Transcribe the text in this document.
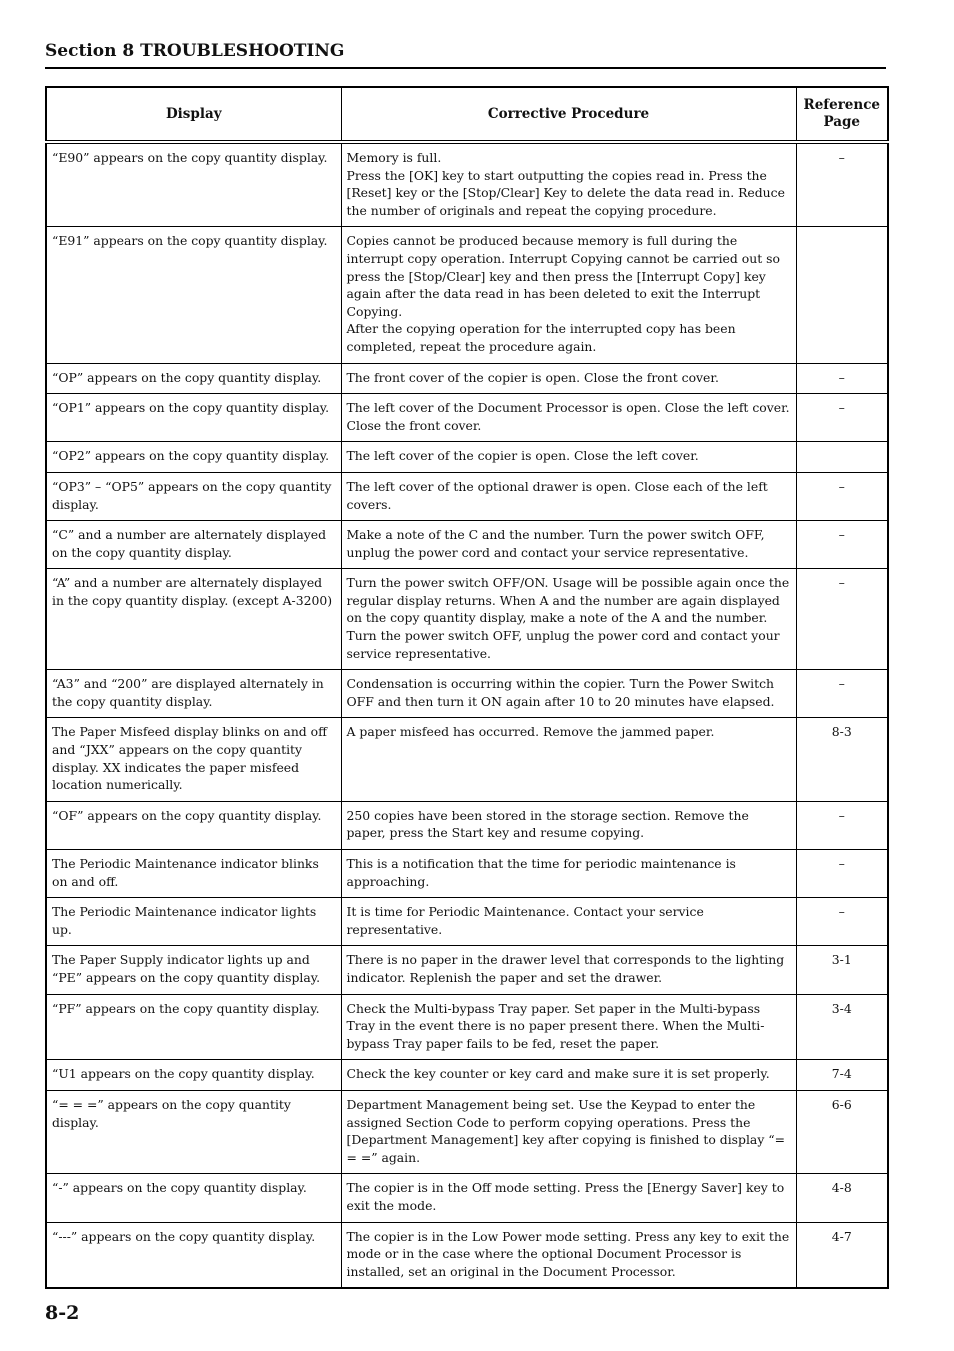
Section 8 TROUBLESHOOTING
Display	Corrective Procedure	Reference Page
“E90” appears on the copy quantity display.	Memory is full.
Press the [OK] key to start outputting the copies read in. Press the [Reset] key or the [Stop/Clear] Key to delete the data read in. Reduce the number of originals and repeat the copying procedure.	–
“E91” appears on the copy quantity display.	Copies cannot be produced because memory is full during the interrupt copy operation. Interrupt Copying cannot be carried out so press the [Stop/Clear] key and then press the [Interrupt Copy] key again after the data read in has been deleted to exit the Interrupt Copying.
After the copying operation for the interrupted copy has been completed, repeat the procedure again.	
“OP” appears on the copy quantity display.	The front cover of the copier is open. Close the front cover.	–
“OP1” appears on the copy quantity display.	The left cover of the Document Processor is open. Close the left cover. Close the front cover.	–
“OP2” appears on the copy quantity display.	The left cover of the copier is open. Close the left cover.	
“OP3” – “OP5” appears on the copy quantity display.	The left cover of the optional drawer is open. Close each of the left covers.	–
“C” and a number are alternately displayed on the copy quantity display.	Make a note of the C and the number. Turn the power switch OFF, unplug the power cord and contact your service representative.	–
“A” and a number are alternately displayed in the copy quantity display. (except A-3200)	Turn the power switch OFF/ON. Usage will be possible again once the regular display returns. When A and the number are again displayed on the copy quantity display, make a note of the A and the number. Turn the power switch OFF, unplug the power cord and contact your service representative.	–
“A3” and “200” are displayed alternately in the copy quantity display.	Condensation is occurring within the copier. Turn the Power Switch OFF and then turn it ON again after 10 to 20 minutes have elapsed.	–
The Paper Misfeed display blinks on and off and “JXX” appears on the copy quantity display. XX indicates the paper misfeed location numerically.	A paper misfeed has occurred. Remove the jammed paper.	8-3
“OF” appears on the copy quantity display.	250 copies have been stored in the storage section. Remove the paper, press the Start key and resume copying.	–
The Periodic Maintenance indicator blinks on and off.	This is a notification that the time for periodic maintenance is approaching.	–
The Periodic Maintenance indicator lights up.	It is time for Periodic Maintenance. Contact your service representative.	–
The Paper Supply indicator lights up and “PE” appears on the copy quantity display.	There is no paper in the drawer level that corresponds to the lighting indicator. Replenish the paper and set the drawer.	3-1
“PF” appears on the copy quantity display.	Check the Multi-bypass Tray paper. Set paper in the Multi-bypass Tray in the event there is no paper present there. When the Multi-bypass Tray paper fails to be fed, reset the paper.	3-4
“U1 appears on the copy quantity display.	Check the key counter or key card and make sure it is set properly.	7-4
“= = =” appears on the copy quantity display.	Department Management being set. Use the Keypad to enter the assigned Section Code to perform copying operations. Press the [Department Management] key after copying is finished to display “= = =” again.	6-6
“-” appears on the copy quantity display.	The copier is in the Off mode setting. Press the [Energy Saver] key to exit the mode.	4-8
“---” appears on the copy quantity display.	The copier is in the Low Power mode setting. Press any key to exit the mode or in the case where the optional Document Processor is installed, set an original in the Document Processor.	4-7
8-2
